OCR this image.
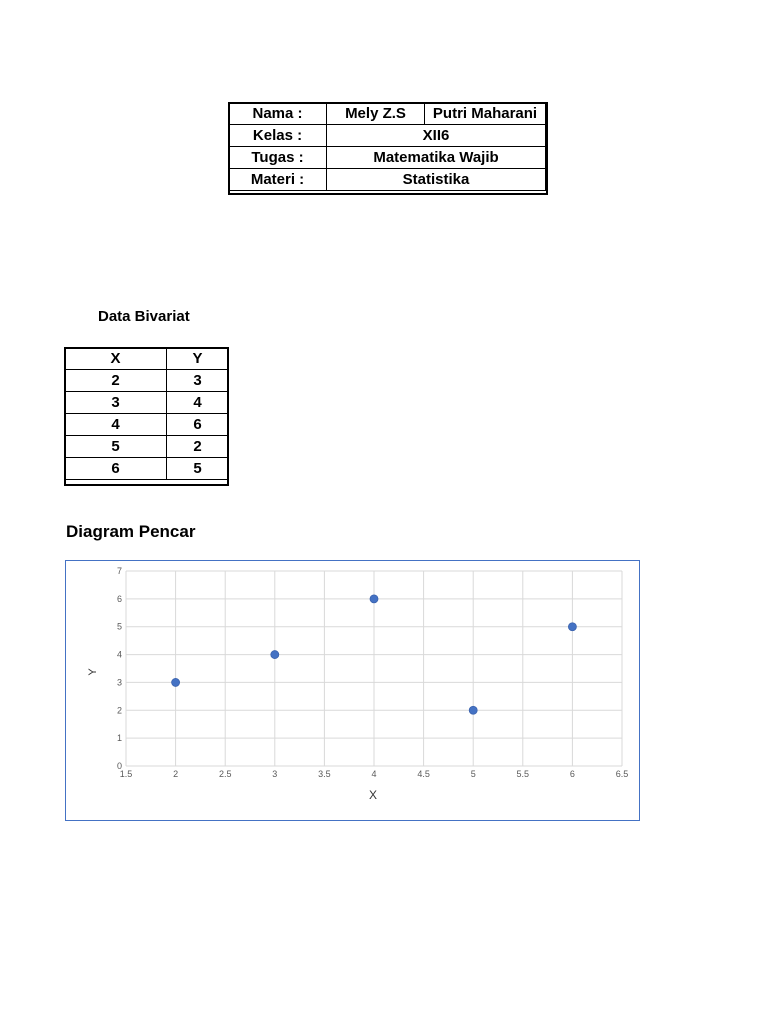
Nama :	Mely Z.S	Putri Maharani
Kelas :	XII6	
Tugas :	Matematika Wajib	
Materi :	Statistika	
Data Bivariat
X	Y
2	3
3	4
4	6
5	2
6	5
Diagram Pencar
1.5	2	2.5	3	3.5	4	4.5	5	5.5	6	6.5
0
1
2
3
4
5
6
7
X
Y
